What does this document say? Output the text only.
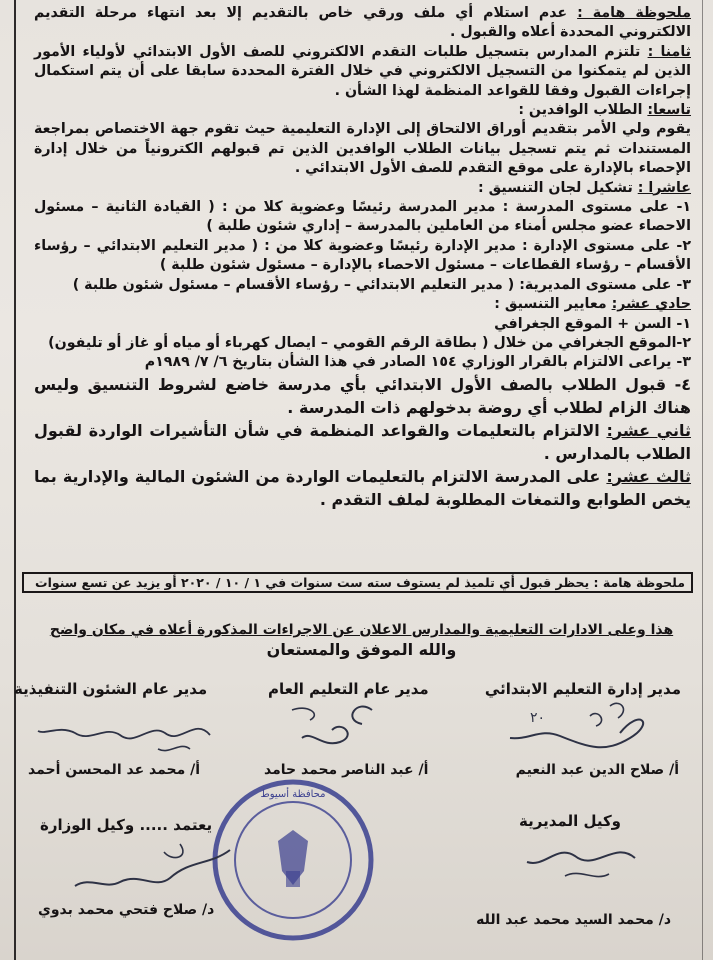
ملحوظة هامة : عدم استلام أي ملف ورقي خاص بالتقديم إلا بعد انتهاء مرحلة التقديم الالكتروني المحددة أعلاه والقبول .

ثامنا : تلتزم المدارس بتسجيل طلبات التقدم الالكتروني للصف الأول الابتدائي لأولياء الأمور الذين لم يتمكنوا من التسجيل الالكتروني في خلال الفترة المحددة سابقا على أن يتم استكمال إجراءات القبول وفقا للقواعد المنظمة لهذا الشأن .

تاسعا: الطلاب الوافدين :

يقوم ولي الأمر بتقديم أوراق الالتحاق إلى الإدارة التعليمية حيث تقوم جهة الاختصاص بمراجعة المستندات ثم يتم تسجيل بيانات الطلاب الوافدين الذين تم قبولهم الكترونياً من خلال إدارة الإحصاء بالإدارة على موقع التقدم للصف الأول الابتدائي .

عاشرا : تشكيل لجان التنسيق :

١- على مستوى المدرسة : مدير المدرسة رئيسًا وعضوية كلا من : ( القيادة الثانية – مسئول الاحصاء عضو مجلس أمناء من العاملين بالمدرسة – إداري شئون طلبة )

٢- على مستوى الإدارة : مدير الإدارة رئيسًا وعضوية كلا من : ( مدير التعليم الابتدائي – رؤساء الأقسام – رؤساء القطاعات – مسئول الاحصاء بالإدارة – مسئول شئون طلبة )

٣- على مستوى المديرية: ( مدير التعليم الابتدائي – رؤساء الأقسام – مسئول شئون طلبة )

حادي عشر: معايير التنسيق :

١- السن + الموقع الجغرافي

٢-الموقع الجغرافي من خلال ( بطاقة الرقم القومي – ايصال كهرباء أو مياه أو غاز أو تليفون)

٣- يراعى الالتزام بالقرار الوزاري ١٥٤ الصادر في هذا الشأن بتاريخ ٦/ ٧/ ١٩٨٩م

٤- قبول الطلاب بالصف الأول الابتدائي بأي مدرسة خاضع لشروط التنسيق وليس هناك الزام لطلاب أي روضة بدخولهم ذات المدرسة .

ثاني عشر: الالتزام بالتعليمات والقواعد المنظمة في شأن التأشيرات الواردة لقبول الطلاب بالمدارس .

ثالث عشر: على المدرسة الالتزام بالتعليمات الواردة من الشئون المالية والإدارية بما يخص الطوابع والتمغات المطلوبة لملف التقدم .

ملحوظة هامة : يحظر قبول أي تلميذ لم يستوف سته ست سنوات في ١ / ١٠ / ٢٠٢٠ أو يزيد عن تسع سنوات
هذا وعلى الادارات التعليمية والمدارس الاعلان عن الاجراءات المذكورة أعلاه في مكان واضح
والله الموفق والمستعان
مدير إدارة التعليم الابتدائي
مدير عام التعليم العام
مدير عام الشئون التنفيذية
٢٠
أ/ صلاح الدين عبد النعيم
أ/ عبد الناصر محمد حامد
أ/ محمد عد المحسن أحمد
وكيل المديرية
يعتمد ..... وكيل الوزارة
محافظة أسيوط
د/ محمد السيد محمد عبد الله
د/ صلاح فتحي محمد بدوي
